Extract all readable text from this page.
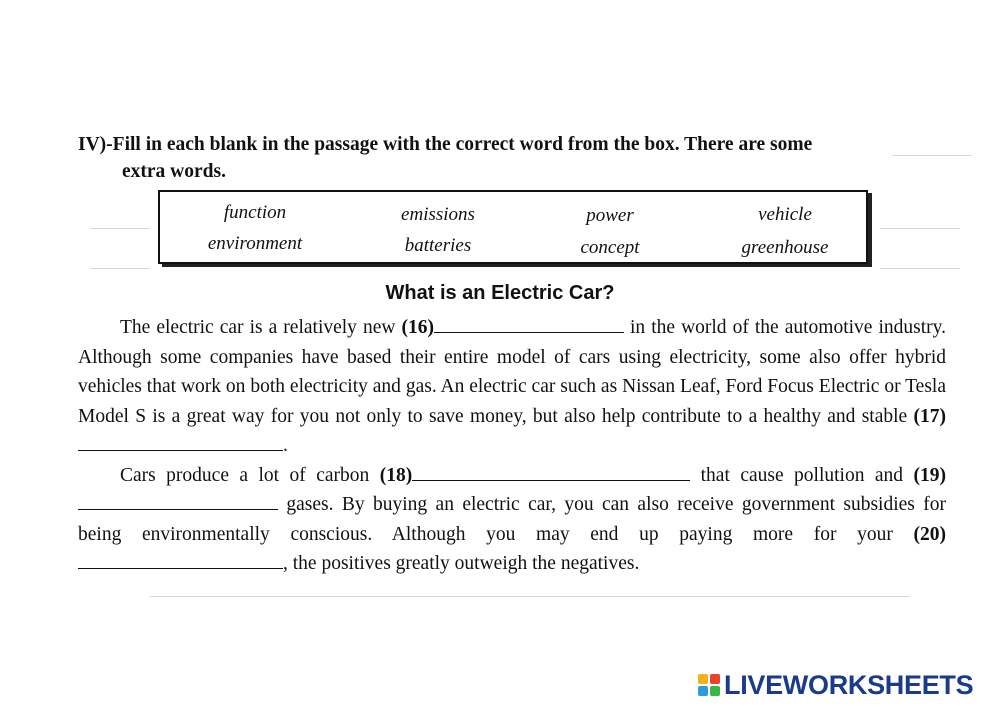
IV)-Fill in each blank in the passage with the correct word from the box. There are some
extra words.
function	emissions	power	vehicle
environment	batteries	concept	greenhouse
What is an Electric Car?

The electric car is a relatively new (16)	in the world of the automotive industry. Although some companies have based their entire model of cars using electricity, some also offer hybrid vehicles that work on both electricity and gas. An electric car such as Nissan Leaf, Ford Focus Electric or Tesla Model S is a great way for you not only to save money, but also help contribute to a healthy and stable (17).

Cars produce a lot of carbon (18)	that cause pollution and (19) gases. By buying an electric car, you can also receive government subsidies for being environmentally conscious. Although you may end up paying more for your (20), the positives greatly outweigh the negatives.

LIVEWORKSHEETS
